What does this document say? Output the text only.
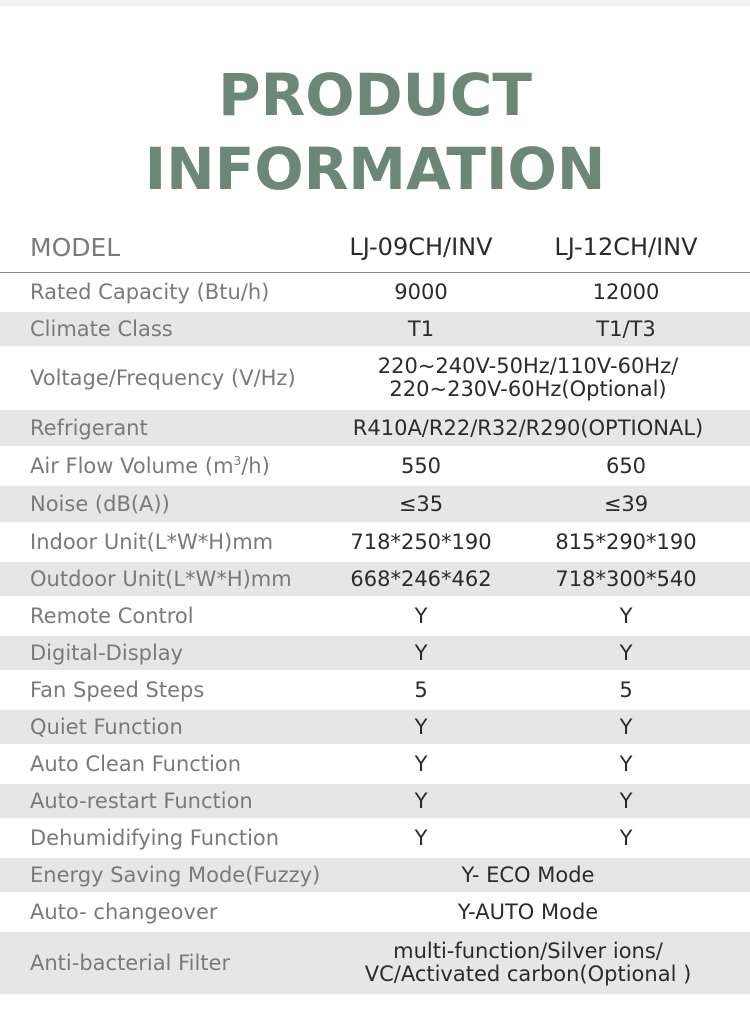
PRODUCT
INFORMATION
MODEL	LJ-09CH/INV	LJ-12CH/INV
Rated Capacity (Btu/h)	9000	12000
Climate Class	T1	T1/T3
Voltage/Frequency (V/Hz)	220~240V-50Hz/110V-60Hz/
220~230V-60Hz(Optional)
Refrigerant	R410A/R22/R32/R290(OPTIONAL)
Air Flow Volume $(m^3/h)$	550	650
Noise (dB(A))	≤35	≤39
Indoor Unit(L*W*H)mm	718*250*190	815*290*190
Outdoor Unit(L*W*H)mm	668*246*462	718*300*540
Remote Control	Y	Y
Digital-Display	Y	Y
Fan Speed Steps	5	5
Quiet Function	Y	Y
Auto Clean Function	Y	Y
Auto-restart Function	Y	Y
Dehumidifying Function	Y	Y
Energy Saving Mode(Fuzzy)	Y- ECO Mode
Auto- changeover	Y-AUTO Mode
Anti-bacterial Filter	multi-function/Silver ions/
VC/Activated carbon(Optional )
